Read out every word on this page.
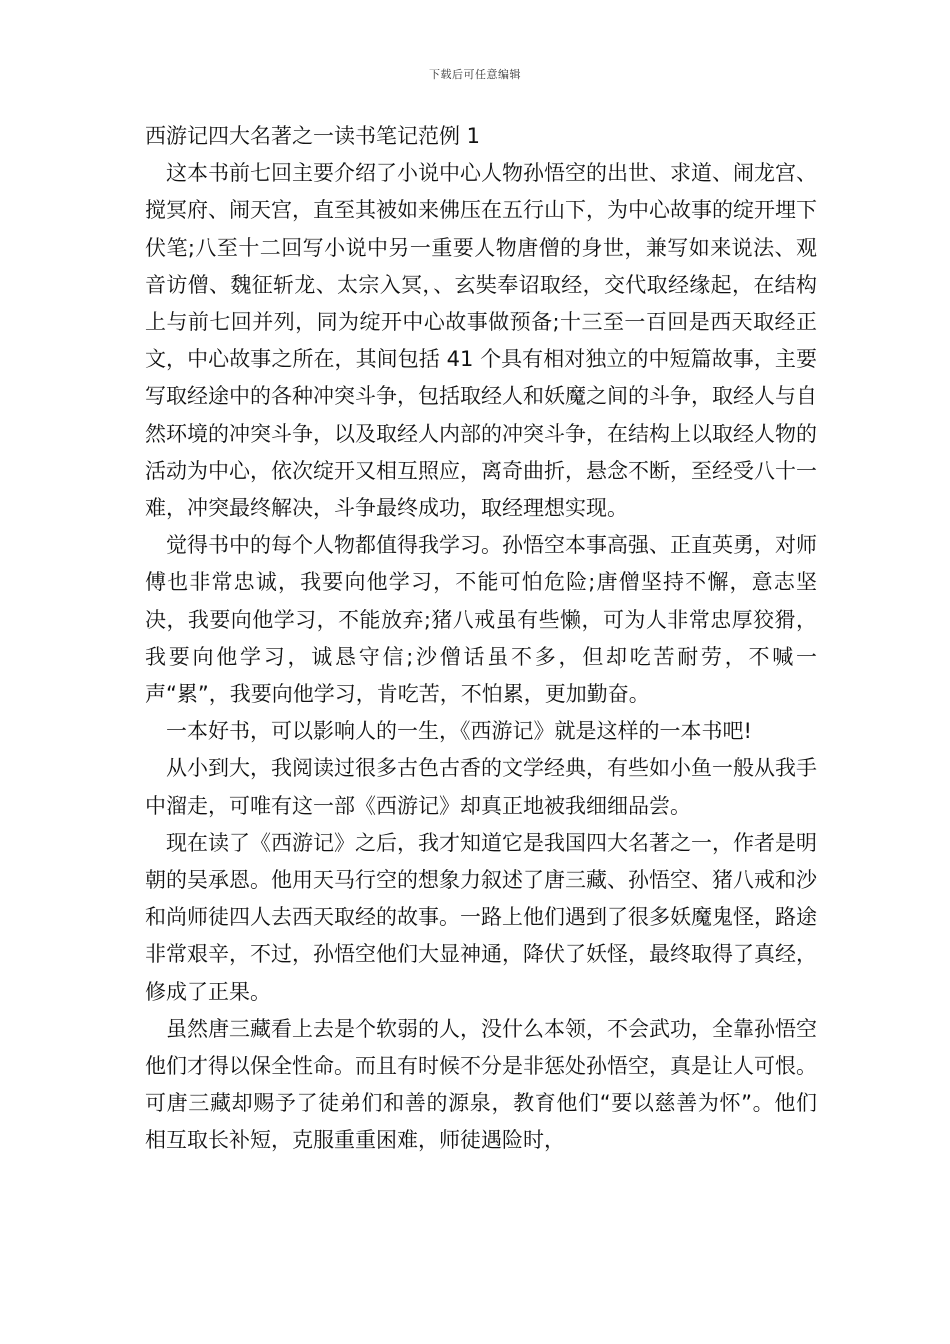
下载后可任意编辑
西游记四大名著之一读书笔记范例 1

这本书前七回主要介绍了小说中心人物孙悟空的出世、求道、闹龙宫、搅冥府、闹天宫，直至其被如来佛压在五行山下，为中心故事的绽开埋下伏笔;八至十二回写小说中另一重要人物唐僧的身世，兼写如来说法、观音访僧、魏征斩龙、太宗入冥，、玄奘奉诏取经，交代取经缘起，在结构上与前七回并列，同为绽开中心故事做预备;十三至一百回是西天取经正文，中心故事之所在，其间包括 41 个具有相对独立的中短篇故事，主要写取经途中的各种冲突斗争，包括取经人和妖魔之间的斗争，取经人与自然环境的冲突斗争，以及取经人内部的冲突斗争，在结构上以取经人物的活动为中心，依次绽开又相互照应，离奇曲折，悬念不断，至经受八十一难，冲突最终解决，斗争最终成功，取经理想实现。

觉得书中的每个人物都值得我学习。孙悟空本事高强、正直英勇，对师傅也非常忠诚，我要向他学习，不能可怕危险;唐僧坚持不懈，意志坚决，我要向他学习，不能放弃;猪八戒虽有些懒，可为人非常忠厚狡猾，我要向他学习，诚恳守信;沙僧话虽不多，但却吃苦耐劳，不喊一声“累”，我要向他学习，肯吃苦，不怕累，更加勤奋。

一本好书，可以影响人的一生，《西游记》就是这样的一本书吧!

从小到大，我阅读过很多古色古香的文学经典，有些如小鱼一般从我手中溜走，可唯有这一部《西游记》却真正地被我细细品尝。

现在读了《西游记》之后，我才知道它是我国四大名著之一，作者是明朝的吴承恩。他用天马行空的想象力叙述了唐三藏、孙悟空、猪八戒和沙和尚师徒四人去西天取经的故事。一路上他们遇到了很多妖魔鬼怪，路途非常艰辛，不过，孙悟空他们大显神通，降伏了妖怪，最终取得了真经，修成了正果。

虽然唐三藏看上去是个软弱的人，没什么本领，不会武功，全靠孙悟空他们才得以保全性命。而且有时候不分是非惩处孙悟空，真是让人可恨。可唐三藏却赐予了徒弟们和善的源泉，教育他们“要以慈善为怀”。他们相互取长补短，克服重重困难，师徒遇险时，
